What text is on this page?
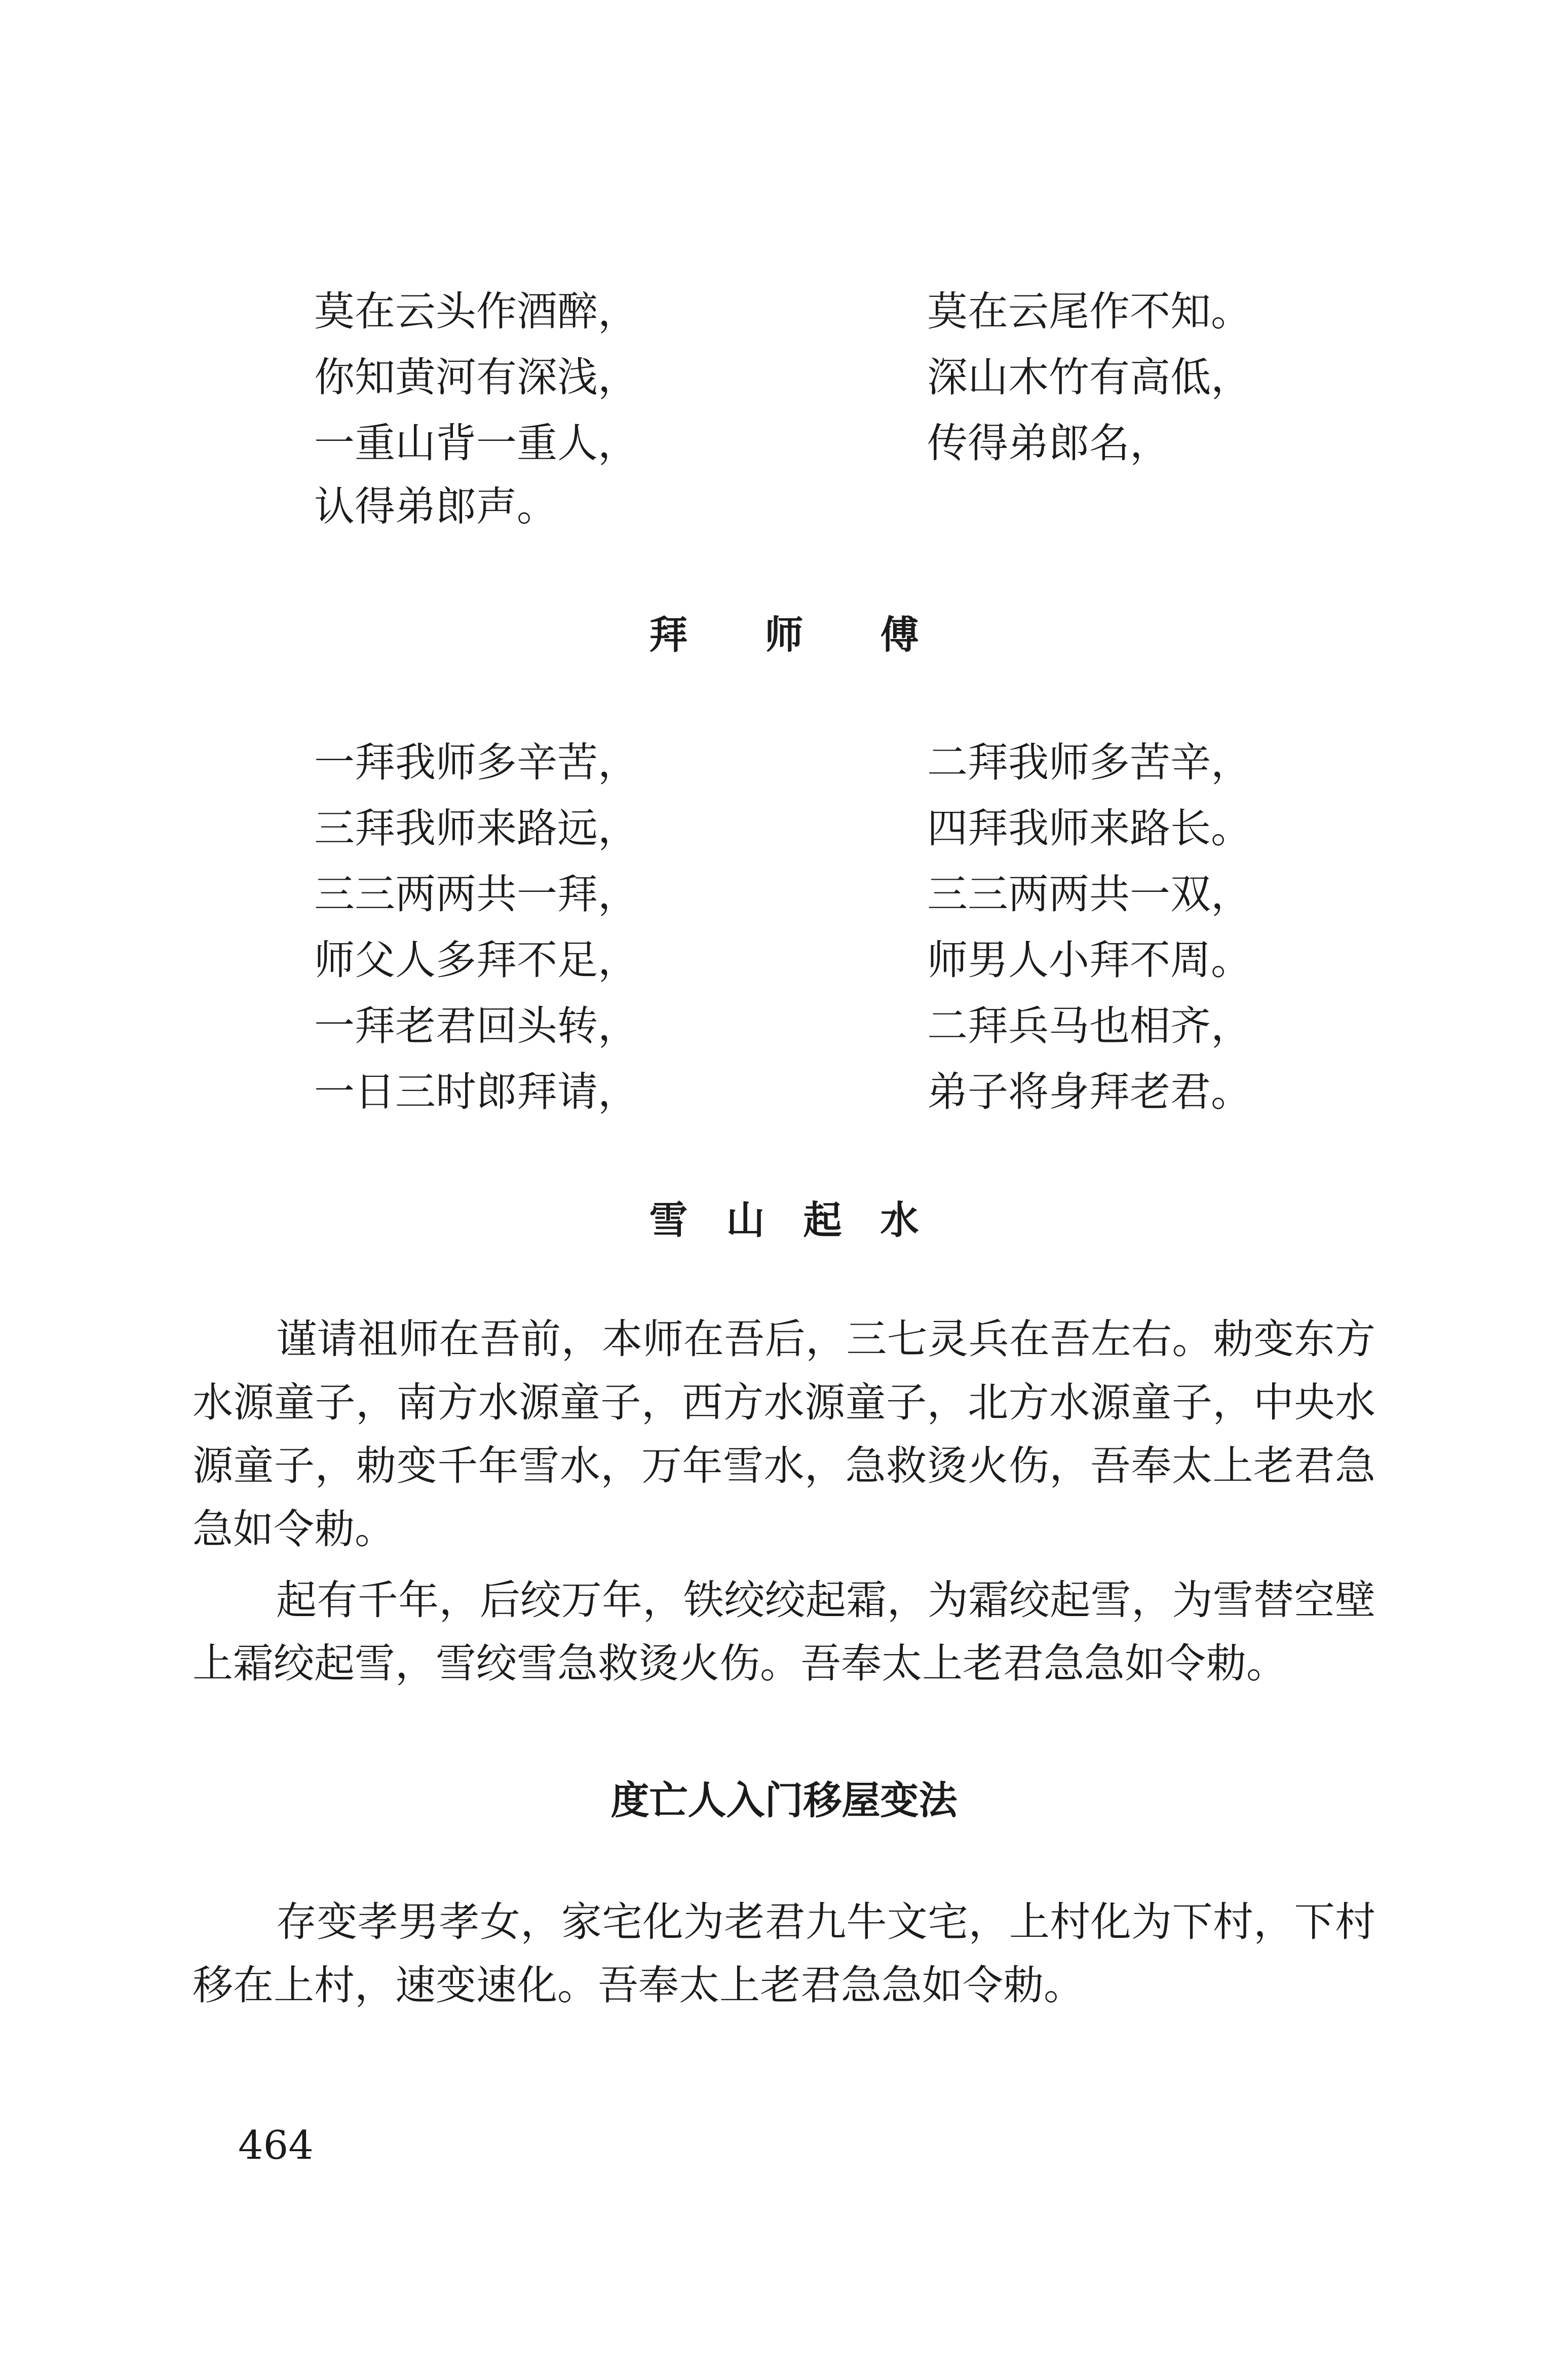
莫在云头作酒醉，	莫在云尾作不知。
你知黄河有深浅，	深山木竹有高低，
一重山背一重人，	传得弟郎名，
认得弟郎声。
拜　　师　　傅
一拜我师多辛苦，	二拜我师多苦辛，
三拜我师来路远，	四拜我师来路长。
三三两两共一拜，	三三两两共一双，
师父人多拜不足，	师男人小拜不周。
一拜老君回头转，	二拜兵马也相齐，
一日三时郎拜请，	弟子将身拜老君。
雪　山　起　水

谨请祖师在吾前，本师在吾后，三七灵兵在吾左右。勅变东方水源童子，南方水源童子，西方水源童子，北方水源童子，中央水源童子，勅变千年雪水，万年雪水，急救烫火伤，吾奉太上老君急急如令勅。

起有千年，后绞万年，铁绞绞起霜，为霜绞起雪，为雪替空壁上霜绞起雪，雪绞雪急救烫火伤。吾奉太上老君急急如令勅。

度亡人入门移屋变法

存变孝男孝女，家宅化为老君九牛文宅，上村化为下村，下村移在上村，速变速化。吾奉太上老君急急如令勅。

464
